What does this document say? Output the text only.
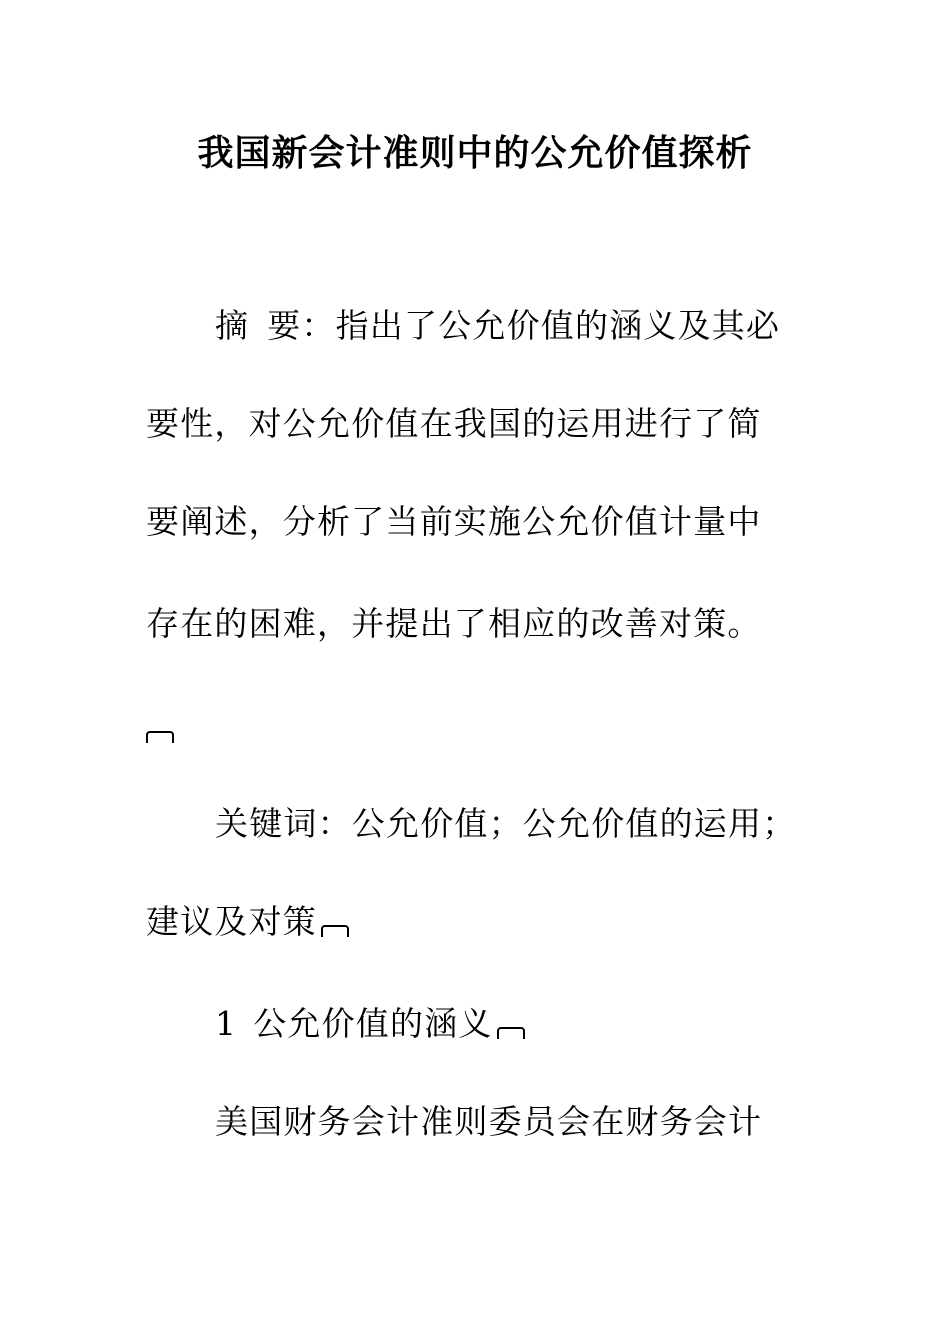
我国新会计准则中的公允价值探析
摘 要：指出了公允价值的涵义及其必
要性，对公允价值在我国的运用进行了简
要阐述，分析了当前实施公允价值计量中
存在的困难，并提出了相应的改善对策。
关键词：公允价值；公允价值的运用；
建议及对策
1 公允价值的涵义
美国财务会计准则委员会在财务会计
